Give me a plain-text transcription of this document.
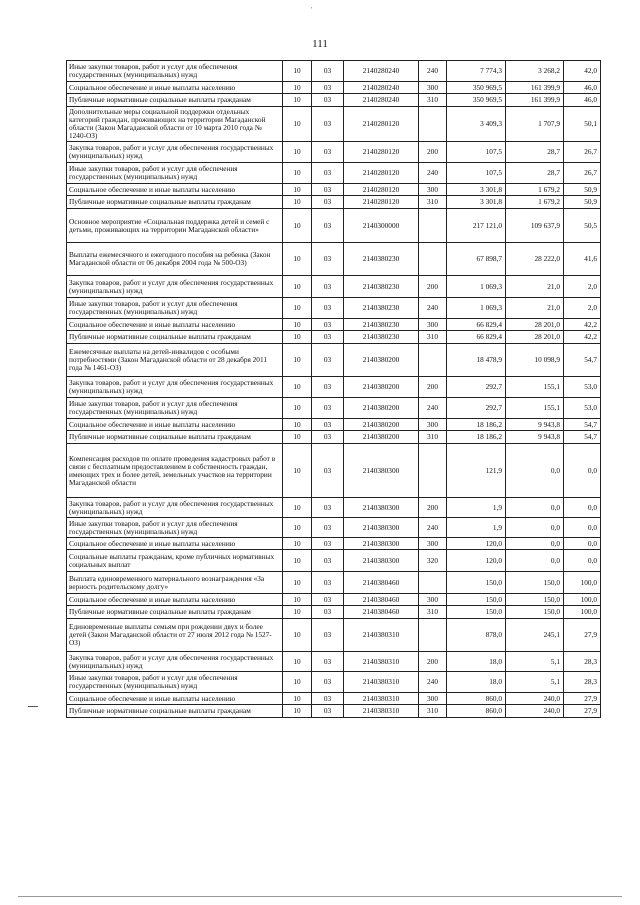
'
111
Иные закупки товаров, работ и услуг для обеспечения государственных (муниципальных) нужд	10	03	2140280240	240	7 774,3	3 268,2	42,0
Социальное обеспечение и иные выплаты населению	10	03	2140280240	300	350 969,5	161 399,9	46,0
Публичные нормативные социальные выплаты гражданам	10	03	2140280240	310	350 969,5	161 399,9	46,0
Дополнительные меры социальной поддержки отдельных категорий граждан, проживающих на территории Магаданской области (Закон Магаданской области от 10 марта 2010 года № 1240-ОЗ)	10	03	2140280120		3 409,3	1 707,9	50,1
Закупка товаров, работ и услуг для обеспечения государственных (муниципальных) нужд	10	03	2140280120	200	107,5	28,7	26,7
Иные закупки товаров, работ и услуг для обеспечения государственных (муниципальных) нужд	10	03	2140280120	240	107,5	28,7	26,7
Социальное обеспечение и иные выплаты населению	10	03	2140280120	300	3 301,8	1 679,2	50,9
Публичные нормативные социальные выплаты гражданам	10	03	2140280120	310	3 301,8	1 679,2	50,9
Основное мероприятие «Социальная поддержка детей и семей с детьми, проживающих на территории Магаданской области»	10	03	2140300000		217 121,0	109 637,9	50,5
Выплаты ежемесячного и ежегодного пособия на ребенка (Закон Магаданской области от 06 декабря 2004 года № 500-ОЗ)	10	03	2140380230		67 898,7	28 222,0	41,6
Закупка товаров, работ и услуг для обеспечения государственных (муниципальных) нужд	10	03	2140380230	200	1 069,3	21,0	2,0
Иные закупки товаров, работ и услуг для обеспечения государственных (муниципальных) нужд	10	03	2140380230	240	1 069,3	21,0	2,0
Социальное обеспечение и иные выплаты населению	10	03	2140380230	300	66 829,4	28 201,0	42,2
Публичные нормативные социальные выплаты гражданам	10	03	2140380230	310	66 829,4	28 201,0	42,2
Ежемесячные выплаты на детей-инвалидов с особыми потребностями (Закон Магаданской области от 28 декабря 2011 года № 1461-ОЗ)	10	03	2140380200		18 478,9	10 098,9	54,7
Закупка товаров, работ и услуг для обеспечения государственных (муниципальных) нужд	10	03	2140380200	200	292,7	155,1	53,0
Иные закупки товаров, работ и услуг для обеспечения государственных (муниципальных) нужд	10	03	2140380200	240	292,7	155,1	53,0
Социальное обеспечение и иные выплаты населению	10	03	2140380200	300	18 186,2	9 943,8	54,7
Публичные нормативные социальные выплаты гражданам	10	03	2140380200	310	18 186,2	9 943,8	54,7
Компенсация расходов по оплате проведения кадастровых работ в связи с бесплатным предоставлением в собственность граждан, имеющих трех и более детей, земельных участков на территории Магаданской области	10	03	2140380300		121,9	0,0	0,0
Закупка товаров, работ и услуг для обеспечения государственных (муниципальных) нужд	10	03	2140380300	200	1,9	0,0	0,0
Иные закупки товаров, работ и услуг для обеспечения государственных (муниципальных) нужд	10	03	2140380300	240	1,9	0,0	0,0
Социальное обеспечение и иные выплаты населению	10	03	2140380300	300	120,0	0,0	0,0
Социальные выплаты гражданам, кроме публичных нормативных социальных выплат	10	03	2140380300	320	120,0	0,0	0,0
Выплата единовременного материального вознаграждения «За верность родительскому долгу»	10	03	2140380460		150,0	150,0	100,0
Социальное обеспечение и иные выплаты населению	10	03	2140380460	300	150,0	150,0	100,0
Публичные нормативные социальные выплаты гражданам	10	03	2140380460	310	150,0	150,0	100,0
Единовременные выплаты семьям при рождении двух и более детей (Закон Магаданской области от 27 июля 2012 года № 1527-ОЗ)	10	03	2140380310		878,0	245,1	27,9
Закупка товаров, работ и услуг для обеспечения государственных (муниципальных) нужд	10	03	2140380310	200	18,0	5,1	28,3
Иные закупки товаров, работ и услуг для обеспечения государственных (муниципальных) нужд	10	03	2140380310	240	18,0	5,1	28,3
Социальное обеспечение и иные выплаты населению	10	03	2140380310	300	860,0	240,0	27,9
Публичные нормативные социальные выплаты гражданам	10	03	2140380310	310	860,0	240,0	27,9
